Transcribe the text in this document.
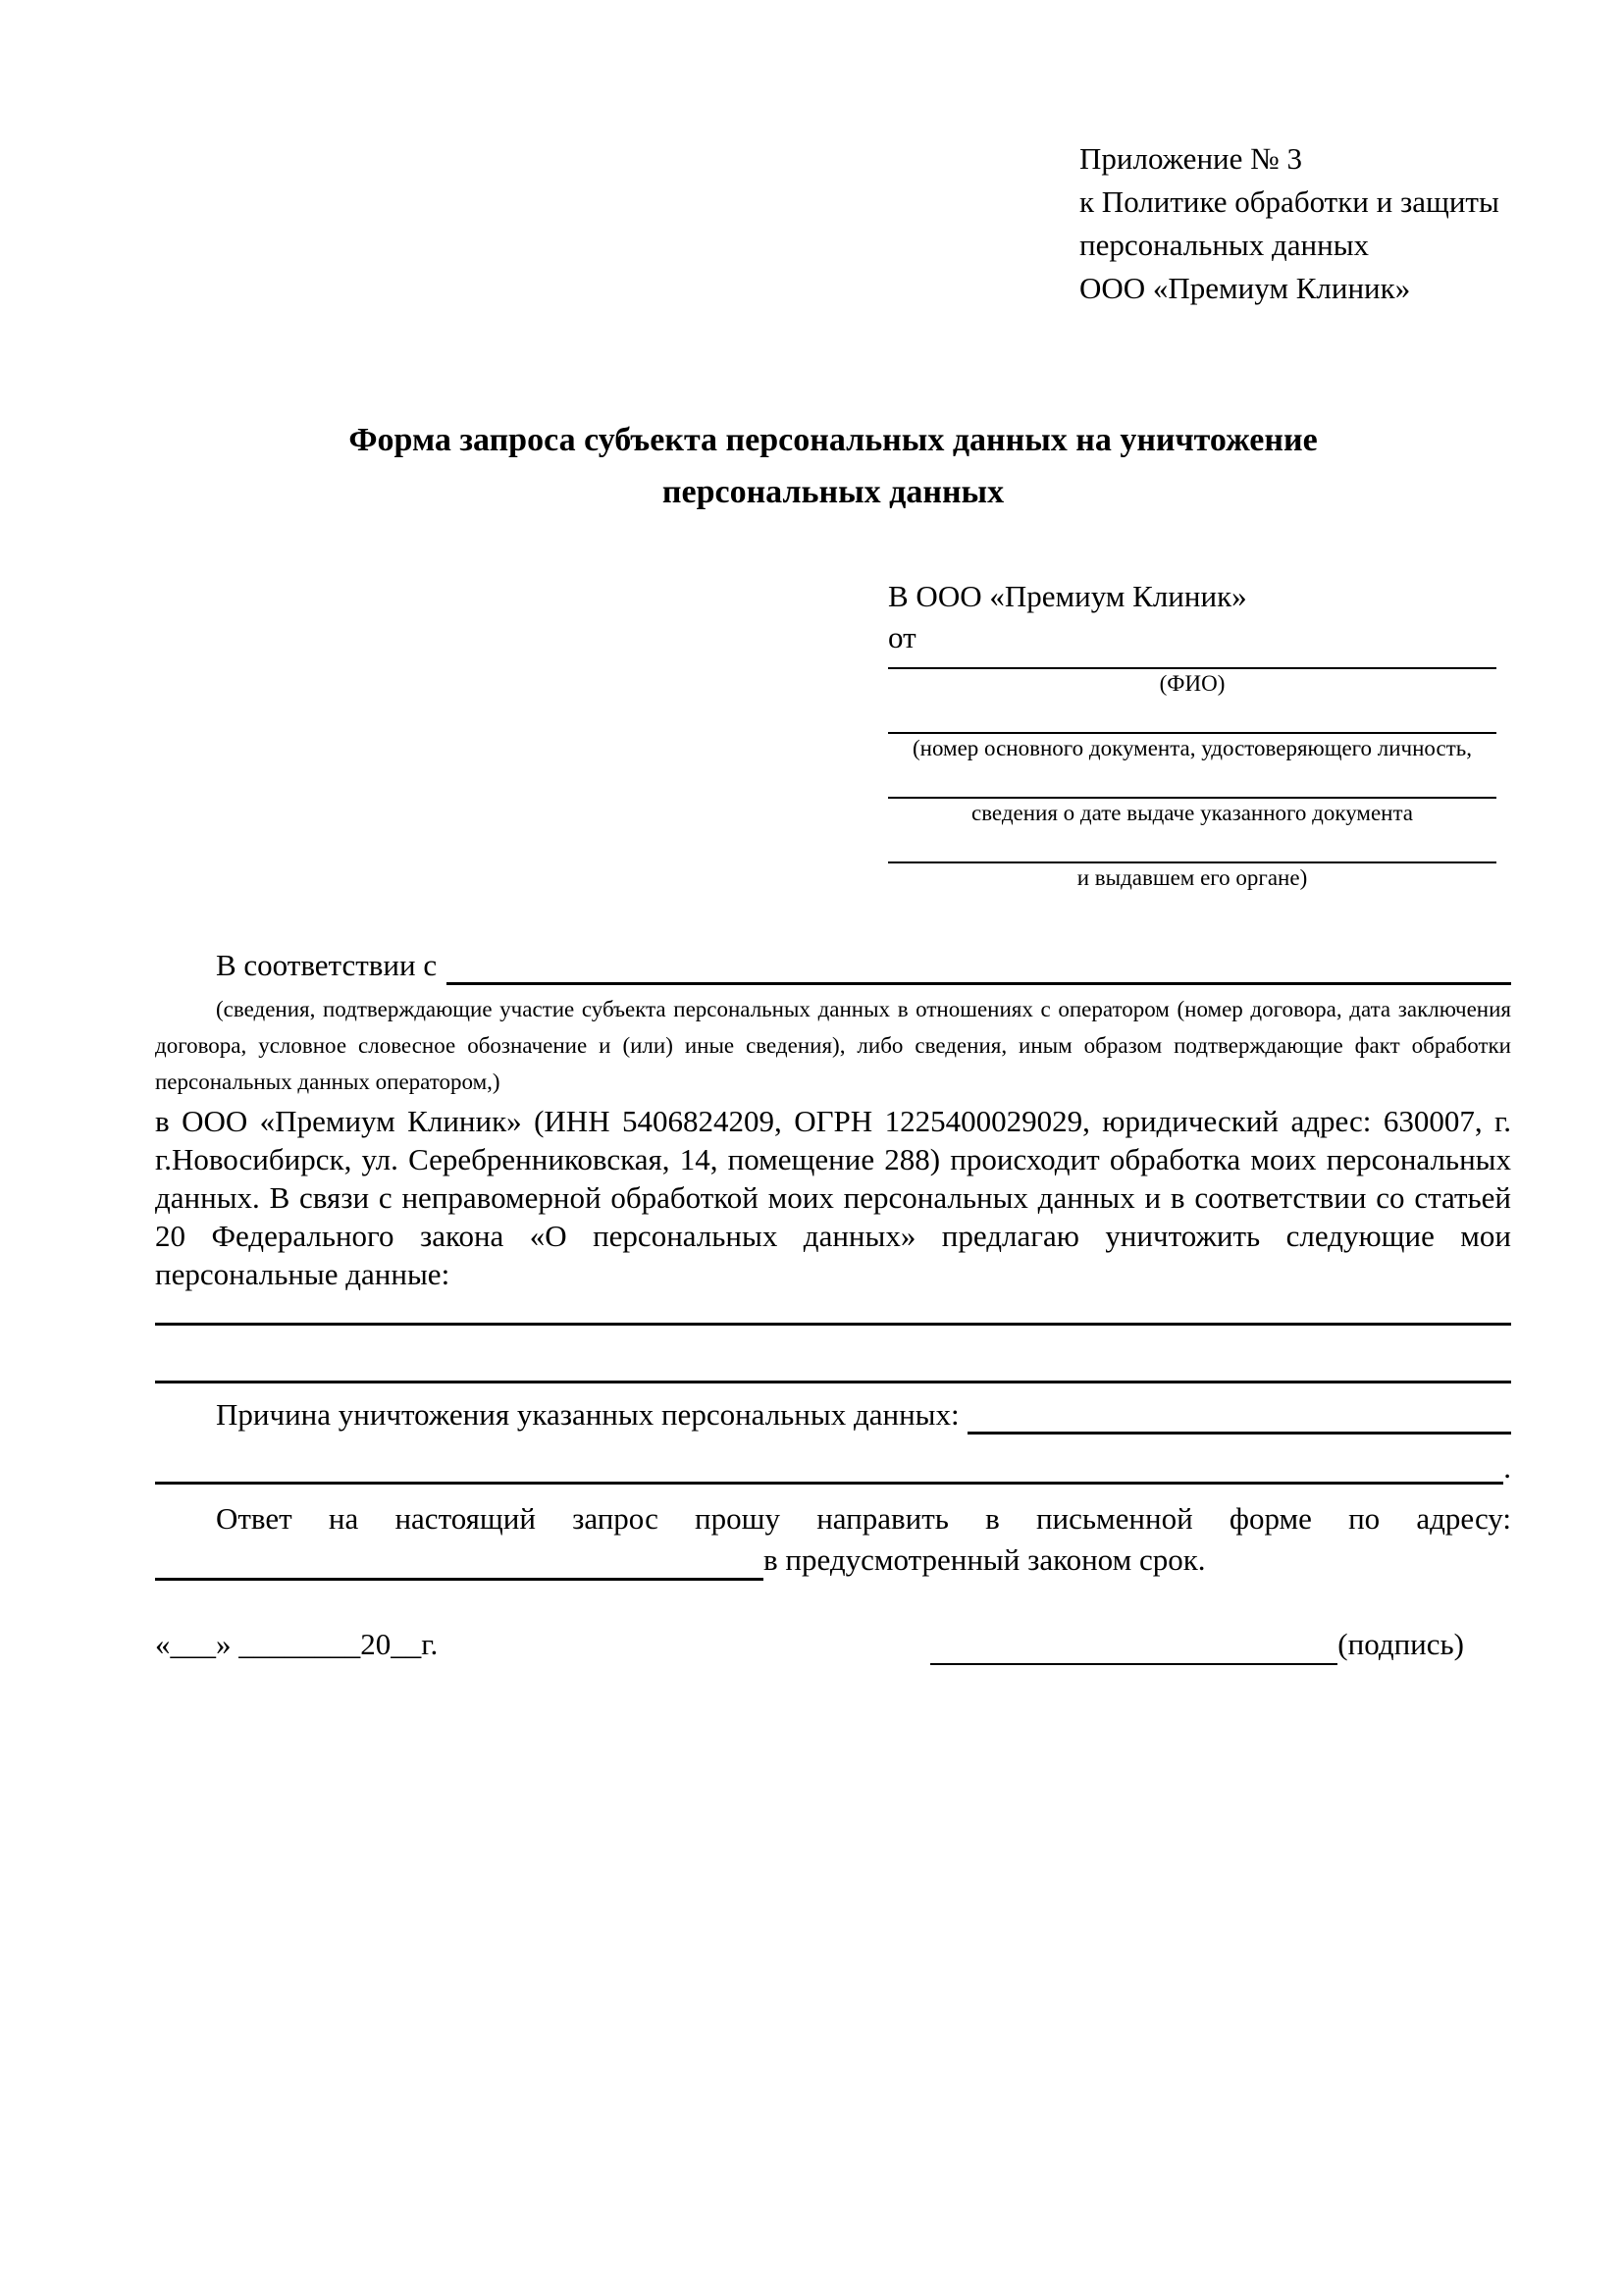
Приложение № 3
к Политике обработки и защиты
персональных данных
ООО «Премиум Клиник»
Форма запроса субъекта персональных данных на уничтожение
персональных данных
В ООО «Премиум Клиник»
от
(ФИО)
(номер основного документа, удостоверяющего личность,
сведения о дате выдаче указанного документа
и выдавшем его органе)
В соответствии с
(сведения, подтверждающие участие субъекта персональных данных в отношениях с оператором (номер договора, дата заключения договора, условное словесное обозначение и (или) иные сведения), либо сведения, иным образом подтверждающие факт обработки персональных данных оператором,)
в ООО «Премиум Клиник» (ИНН 5406824209, ОГРН 1225400029029, юридический адрес: 630007, г. г.Новосибирск, ул. Серебренниковская, 14, помещение 288) происходит обработка моих персональных данных. В связи с неправомерной обработкой моих персональных данных и в соответствии со статьей 20 Федерального закона «О персональных данных» предлагаю уничтожить следующие мои персональные данные:
Причина уничтожения указанных персональных данных:
.
Ответ на настоящий запрос прошу направить в письменной форме по адресу:
в предусмотренный законом срок.
«___» ________20__г.	(подпись)
